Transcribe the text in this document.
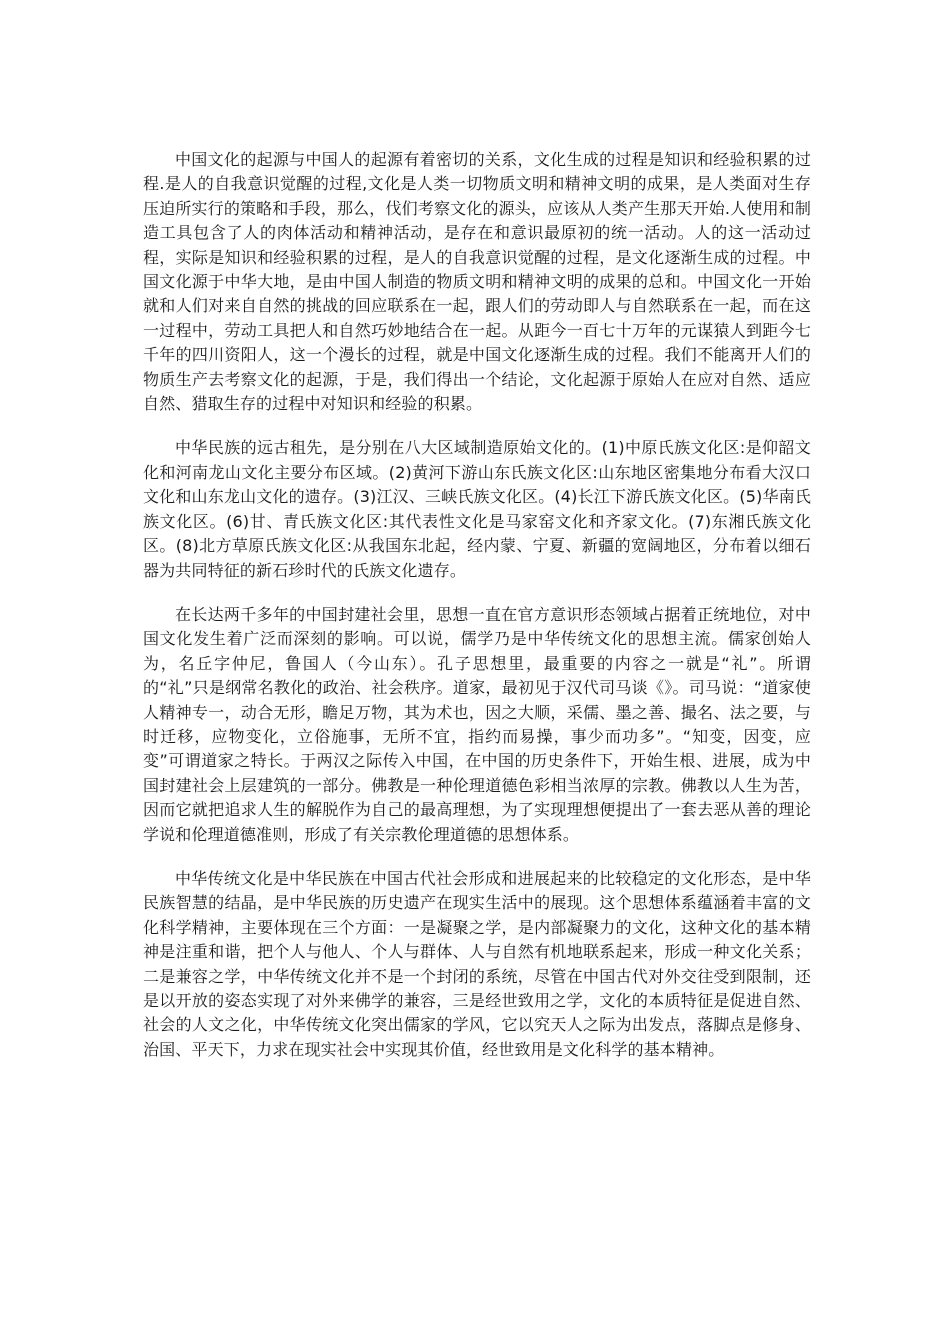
中国文化的起源与中国人的起源有着密切的关系，文化生成的过程是知识和经验积累的过程.是人的自我意识觉醒的过程,文化是人类一切物质文明和精神文明的成果，是人类面对生存压迫所实行的策略和手段，那么，伐们考察文化的源头，应该从人类产生那天开始.人使用和制造工具包含了人的肉体活动和精神活动，是存在和意识最原初的统一活动。人的这一活动过程，实际是知识和经验积累的过程，是人的自我意识觉醒的过程，是文化逐渐生成的过程。中国文化源于中华大地，是由中国人制造的物质文明和精神文明的成果的总和。中国文化一开始就和人们对来自自然的挑战的回应联系在一起，跟人们的劳动即人与自然联系在一起，而在这一过程中，劳动工具把人和自然巧妙地结合在一起。从距今一百七十万年的元谋猿人到距今七千年的四川资阳人，这一个漫长的过程，就是中国文化逐渐生成的过程。我们不能离开人们的物质生产去考察文化的起源，于是，我们得出一个结论，文化起源于原始人在应对自然、适应自然、猎取生存的过程中对知识和经验的积累。

中华民族的远古租先，是分别在八大区域制造原始文化的。(1)中原氏族文化区:是仰韶文化和河南龙山文化主要分布区域。(2)黄河下游山东氏族文化区:山东地区密集地分布看大汉口文化和山东龙山文化的遗存。(3)江汉、三峡氏族文化区。(4)长江下游氏族文化区。(5)华南氏族文化区。(6)甘、青氏族文化区:其代表性文化是马家窑文化和齐家文化。(7)东湘氏族文化区。(8)北方草原氏族文化区:从我国东北起，经内蒙、宁夏、新疆的宽阔地区，分布着以细石器为共同特征的新石珍时代的氏族文化遗存。

在长达两千多年的中国封建社会里，思想一直在官方意识形态领域占据着正统地位，对中国文化发生着广泛而深刻的影响。可以说，儒学乃是中华传统文化的思想主流。儒家创始人为，名丘字仲尼，鲁国人（今山东）。孔子思想里，最重要的内容之一就是“礼”。所谓的“礼”只是纲常名教化的政治、社会秩序。道家，最初见于汉代司马谈《》。司马说：“道家使人精神专一，动合无形，瞻足万物，其为术也，因之大顺，采儒、墨之善、撮名、法之要，与时迁移，应物变化，立俗施事，无所不宜，指约而易操，事少而功多”。“知变，因变，应变”可谓道家之特长。于两汉之际传入中国，在中国的历史条件下，开始生根、进展，成为中国封建社会上层建筑的一部分。佛教是一种伦理道德色彩相当浓厚的宗教。佛教以人生为苦，因而它就把追求人生的解脱作为自己的最高理想，为了实现理想便提出了一套去恶从善的理论学说和伦理道德准则，形成了有关宗教伦理道德的思想体系。

中华传统文化是中华民族在中国古代社会形成和进展起来的比较稳定的文化形态，是中华民族智慧的结晶，是中华民族的历史遗产在现实生活中的展现。这个思想体系蕴涵着丰富的文化科学精神，主要体现在三个方面：一是凝聚之学，是内部凝聚力的文化，这种文化的基本精神是注重和谐，把个人与他人、个人与群体、人与自然有机地联系起来，形成一种文化关系；二是兼容之学，中华传统文化并不是一个封闭的系统，尽管在中国古代对外交往受到限制，还是以开放的姿态实现了对外来佛学的兼容，三是经世致用之学，文化的本质特征是促进自然、社会的人文之化，中华传统文化突出儒家的学风，它以究天人之际为出发点，落脚点是修身、治国、平天下，力求在现实社会中实现其价值，经世致用是文化科学的基本精神。
